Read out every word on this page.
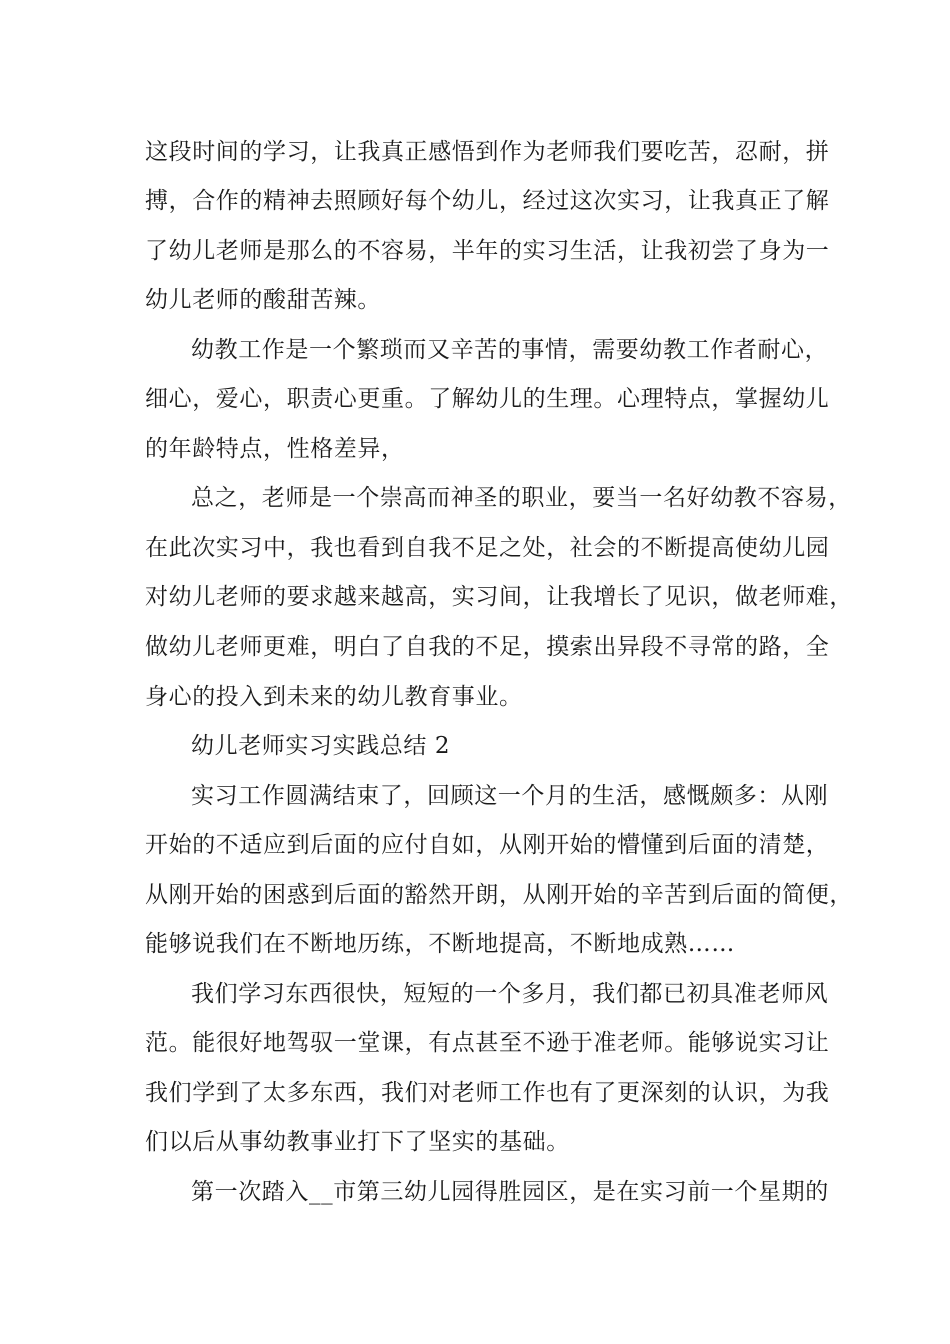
这段时间的学习，让我真正感悟到作为老师我们要吃苦，忍耐，拼
搏，合作的精神去照顾好每个幼儿，经过这次实习，让我真正了解
了幼儿老师是那么的不容易，半年的实习生活，让我初尝了身为一
幼儿老师的酸甜苦辣。
幼教工作是一个繁琐而又辛苦的事情，需要幼教工作者耐心，
细心，爱心，职责心更重。了解幼儿的生理。心理特点，掌握幼儿
的年龄特点，性格差异，
总之，老师是一个崇高而神圣的职业，要当一名好幼教不容易，
在此次实习中，我也看到自我不足之处，社会的不断提高使幼儿园
对幼儿老师的要求越来越高，实习间，让我增长了见识，做老师难，
做幼儿老师更难，明白了自我的不足，摸索出异段不寻常的路，全
身心的投入到未来的幼儿教育事业。
幼儿老师实习实践总结 2
实习工作圆满结束了，回顾这一个月的生活，感慨颇多：从刚
开始的不适应到后面的应付自如，从刚开始的懵懂到后面的清楚，
从刚开始的困惑到后面的豁然开朗，从刚开始的辛苦到后面的简便，
能够说我们在不断地历练，不断地提高，不断地成熟……
我们学习东西很快，短短的一个多月，我们都已初具准老师风
范。能很好地驾驭一堂课，有点甚至不逊于准老师。能够说实习让
我们学到了太多东西，我们对老师工作也有了更深刻的认识，为我
们以后从事幼教事业打下了坚实的基础。
第一次踏入__市第三幼儿园得胜园区，是在实习前一个星期的
